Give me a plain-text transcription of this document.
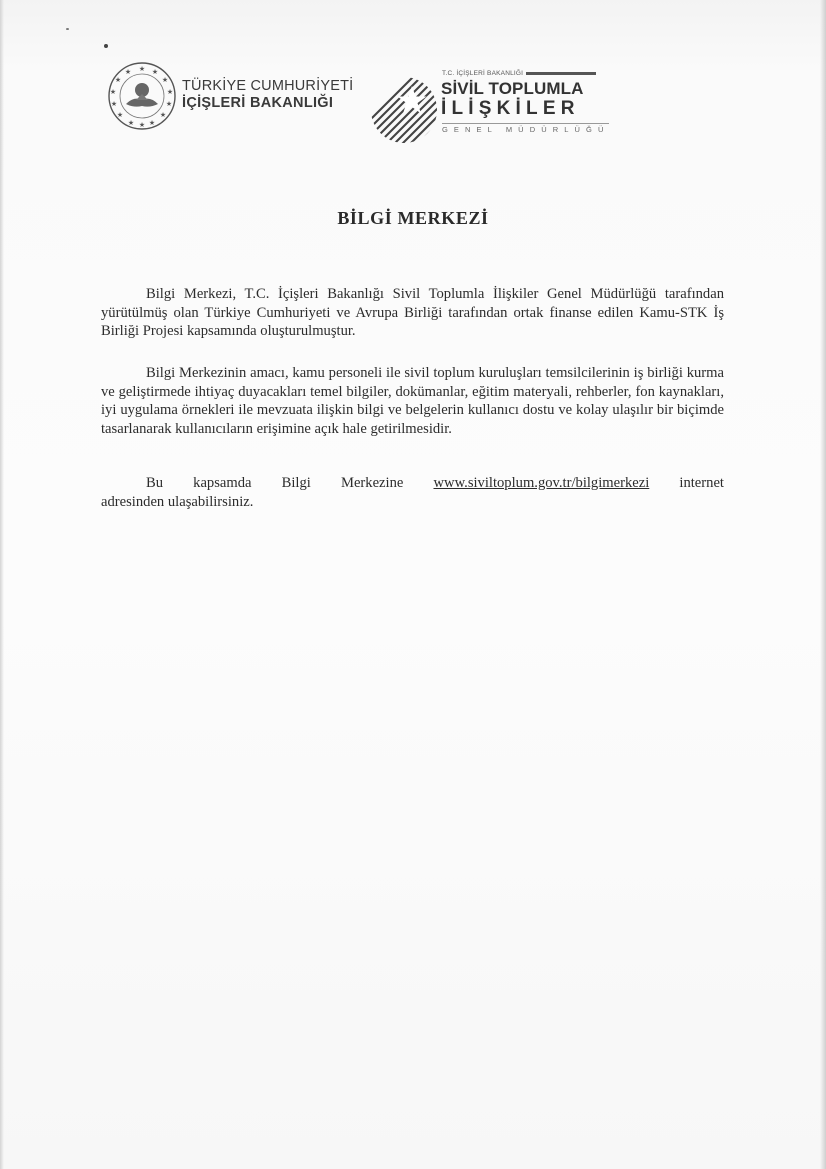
★ ★
★
★
★
★
★
★
★
★
★
★
★
★
TÜRKİYE CUMHURİYETİ
İÇİŞLERİ BAKANLIĞI
T.C. İÇİŞLERİ BAKANLIĞI
SİVİL TOPLUMLA
İLİŞKİLER
GENEL MÜDÜRLÜĞÜ
BİLGİ MERKEZİ
Bilgi Merkezi, T.C. İçişleri Bakanlığı Sivil Toplumla İlişkiler Genel Müdürlüğü tarafından yürütülmüş olan Türkiye Cumhuriyeti ve Avrupa Birliği tarafından ortak finanse edilen Kamu-STK İş Birliği Projesi kapsamında oluşturulmuştur.
Bilgi Merkezinin amacı, kamu personeli ile sivil toplum kuruluşları temsilcilerinin iş birliği kurma ve geliştirmede ihtiyaç duyacakları temel bilgiler, dokümanlar, eğitim materyali, rehberler, fon kaynakları, iyi uygulama örnekleri ile mevzuata ilişkin bilgi ve belgelerin kullanıcı dostu ve kolay ulaşılır bir biçimde tasarlanarak kullanıcıların erişimine açık hale getirilmesidir.
Bu kapsamda Bilgi Merkezine www.siviltoplum.gov.tr/bilgimerkezi internet
adresinden ulaşabilirsiniz.
